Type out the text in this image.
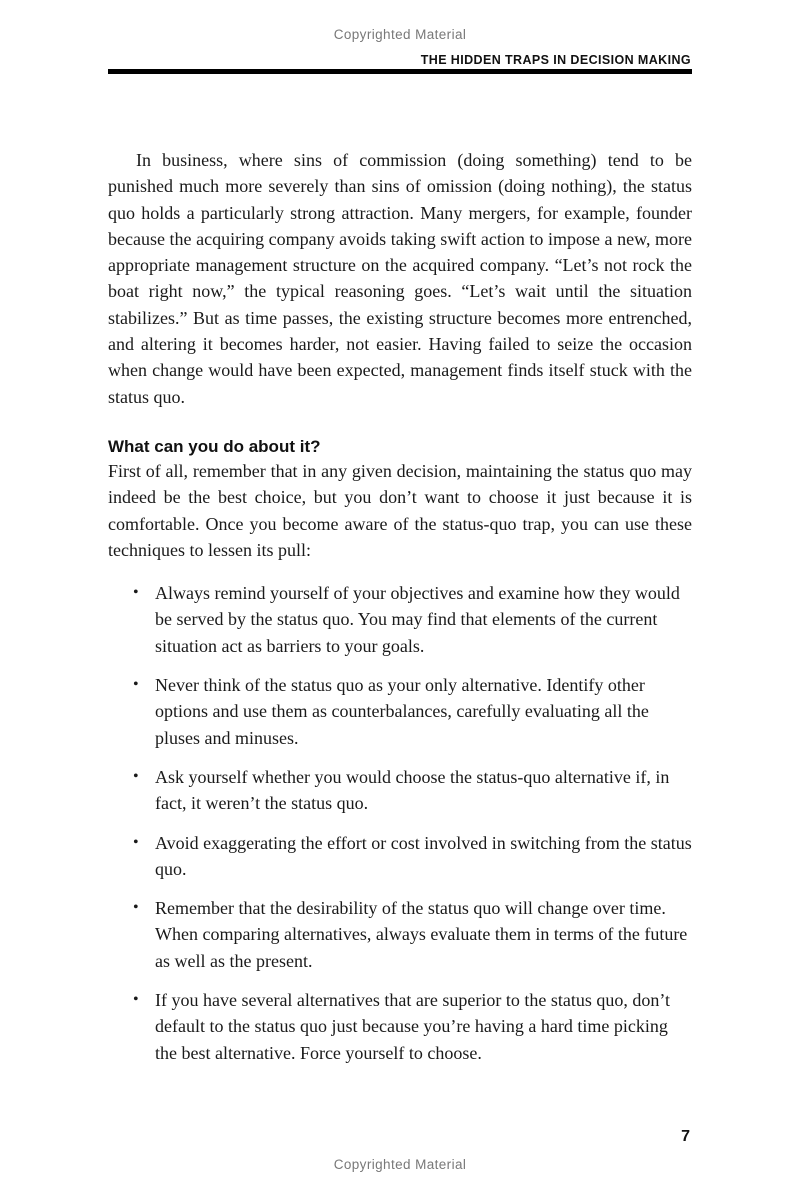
Copyrighted Material
THE HIDDEN TRAPS IN DECISION MAKING

In business, where sins of commission (doing something) tend to be punished much more severely than sins of omission (doing nothing), the status quo holds a particularly strong attraction. Many mergers, for example, founder because the acquiring company avoids taking swift action to impose a new, more appropriate management structure on the acquired company. “Let’s not rock the boat right now,” the typical reasoning goes. “Let’s wait until the situation stabilizes.” But as time passes, the existing structure becomes more entrenched, and altering it becomes harder, not easier. Having failed to seize the occasion when change would have been expected, management finds itself stuck with the status quo.

What can you do about it?

First of all, remember that in any given decision, maintaining the status quo may indeed be the best choice, but you don’t want to choose it just because it is comfortable. Once you become aware of the status-quo trap, you can use these techniques to lessen its pull:

• Always remind yourself of your objectives and examine how they would be served by the status quo. You may find that elements of the current situation act as barriers to your goals.
• Never think of the status quo as your only alternative. Identify other options and use them as counterbalances, carefully evaluating all the pluses and minuses.
• Ask yourself whether you would choose the status-quo alternative if, in fact, it weren’t the status quo.
• Avoid exaggerating the effort or cost involved in switching from the status quo.
• Remember that the desirability of the status quo will change over time. When comparing alternatives, always evaluate them in terms of the future as well as the present.
• If you have several alternatives that are superior to the status quo, don’t default to the status quo just because you’re having a hard time picking the best alternative. Force yourself to choose.
7
Copyrighted Material
